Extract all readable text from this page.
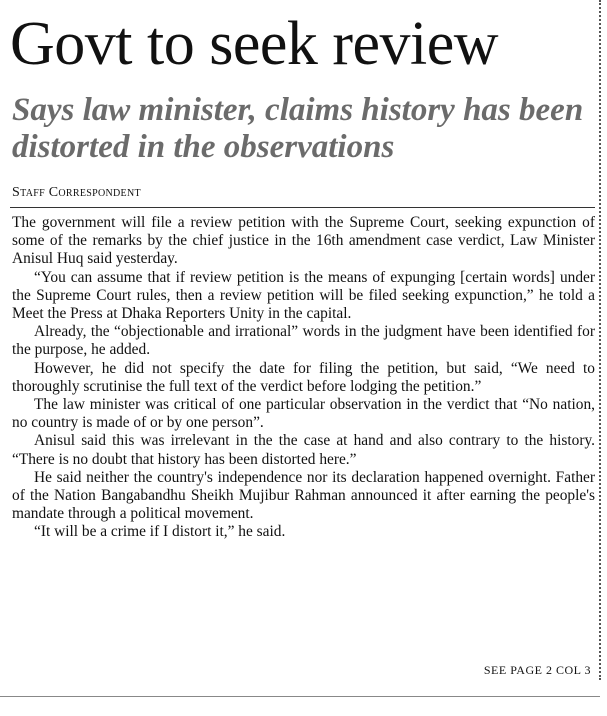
Govt to seek review
Says law minister, claims history has been distorted in the observations
Staff Correspondent

The government will file a review petition with the Supreme Court, seeking expunction of some of the remarks by the chief justice in the 16th amendment case verdict, Law Minister Anisul Huq said yesterday.

“You can assume that if review petition is the means of expunging [certain words] under the Supreme Court rules, then a review petition will be filed seeking expunction,” he told a Meet the Press at Dhaka Reporters Unity in the capital.

Already, the “objectionable and irrational” words in the judgment have been identified for the purpose, he added.

However, he did not specify the date for filing the petition, but said, “We need to thoroughly scrutinise the full text of the verdict before lodging the petition.”

The law minister was critical of one particular observation in the verdict that “No nation, no country is made of or by one person”.

Anisul said this was irrelevant in the the case at hand and also contrary to the history. “There is no doubt that history has been distorted here.”

He said neither the country's independence nor its declaration happened overnight. Father of the Nation Bangabandhu Sheikh Mujibur Rahman announced it after earning the people's mandate through a political movement.

“It will be a crime if I distort it,” he said.

SEE PAGE 2 COL 3
